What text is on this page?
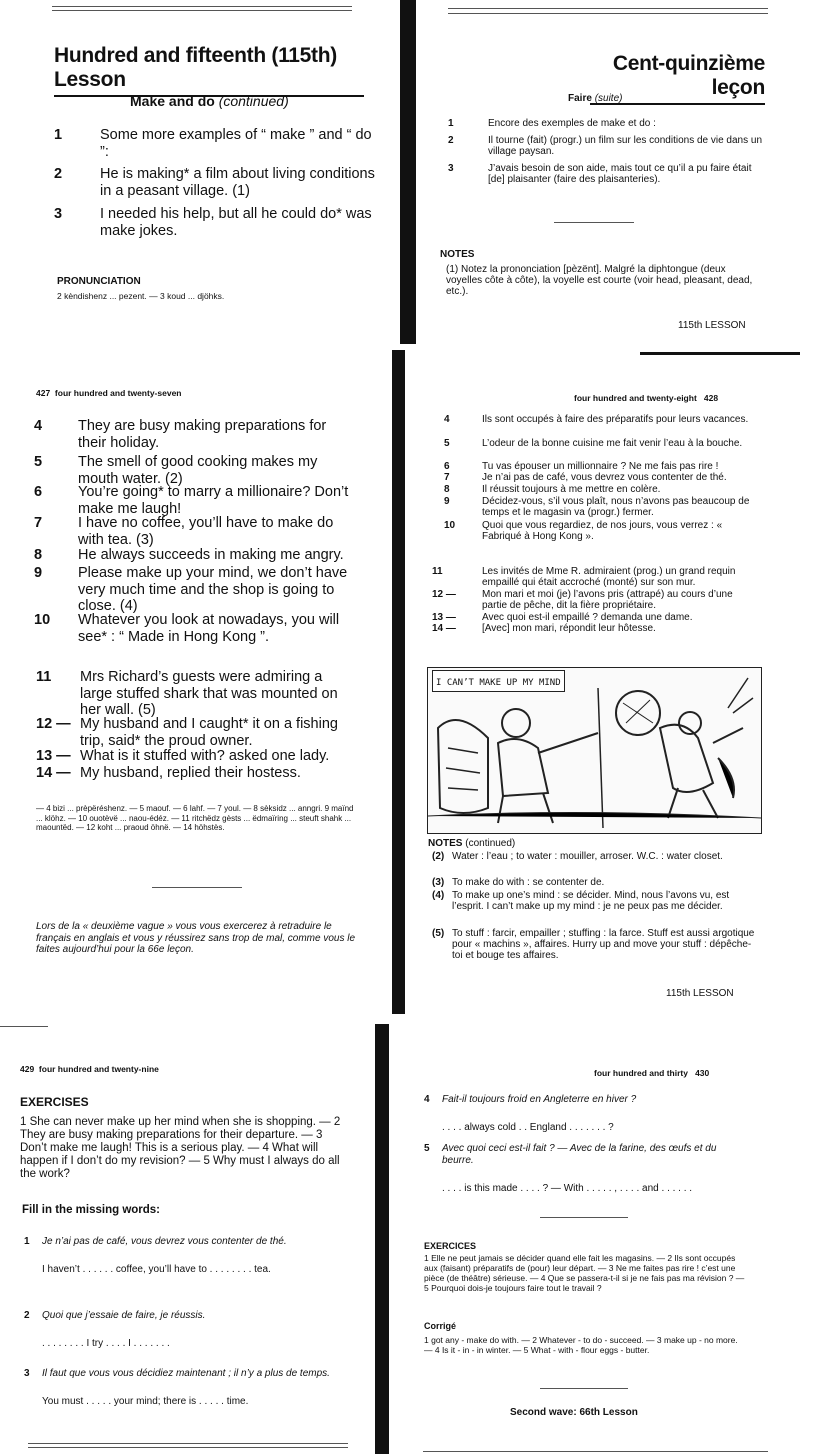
Hundred and fifteenth (115th) Lesson
Make and do (continued)
1	Some more examples of “ make ” and “ do ”:
2	He is making* a film about living conditions in a peasant village. (1)
3	I needed his help, but all he could do* was make jokes.
PRONUNCIATION
2 kèndishenz ... pezent. — 3 koud ... djöhks.
Cent-quinzième leçon
Faire (suite)
1	Encore des exemples de make et do :
2	Il tourne (fait) (progr.) un film sur les conditions de vie dans un village paysan.
3	J’avais besoin de son aide, mais tout ce qu’il a pu faire était [de] plaisanter (faire des plaisanteries).
NOTES
(1) Notez la prononciation [pèzënt]. Malgré la diphtongue (deux voyelles côte à côte), la voyelle est courte (voir head, pleasant, dead, etc.).
115th LESSON
427 four hundred and twenty-seven
4	They are busy making preparations for their holiday.
5	The smell of good cooking makes my mouth water. (2)
6	You’re going* to marry a millionaire? Don’t make me laugh!
7	I have no coffee, you’ll have to make do with tea. (3)
8	He always succeeds in making me angry.
9	Please make up your mind, we don’t have very much time and the shop is going to close. (4)
10	Whatever you look at nowadays, you will see* : “ Made in Hong Kong ”.
11	Mrs Richard’s guests were admiring a large stuffed shark that was mounted on her wall. (5)
12 — My husband and I caught* it on a fishing trip, said* the proud owner.
13 — What is it stuffed with? asked one lady.
14 — My husband, replied their hostess.
— 4 bizi ... prèpëréshenz. — 5 maouf. — 6 lahf. — 7 youl. — 8 sèksidz ... anngri. 9 maïnd ... klöhz. — 10 ouotèvë ... naou-édéz. — 11 ritchëdz gèsts ... ëdmaïring ... steuft shahk ... maountëd. — 12 koht ... praoud öhnë. — 14 höhstès.
Lors de la « deuxième vague » vous vous exercerez à retraduire le français en anglais et vous y réussirez sans trop de mal, comme vous le faites aujourd’hui pour la 66e leçon.
four hundred and twenty-eight 428
4	Ils sont occupés à faire des préparatifs pour leurs vacances.
5	L’odeur de la bonne cuisine me fait venir l’eau à la bouche.
6	Tu vas épouser un millionnaire ? Ne me fais pas rire !
7	Je n’ai pas de café, vous devrez vous contenter de thé.
8	Il réussit toujours à me mettre en colère.
9	Décidez-vous, s’il vous plaît, nous n’avons pas beaucoup de temps et le magasin va (progr.) fermer.
10	Quoi que vous regardiez, de nos jours, vous verrez : « Fabriqué à Hong Kong ».
11	Les invités de Mme R. admiraient (prog.) un grand requin empaillé qui était accroché (monté) sur son mur.
12 —	Mon mari et moi (je) l’avons pris (attrapé) au cours d’une partie de pêche, dit la fière propriétaire.
13 —	Avec quoi est-il empaillé ? demanda une dame.
14 —	[Avec] mon mari, répondit leur hôtesse.
I CAN’T MAKE UP MY MIND
NOTES (continued)
(2) Water : l’eau ; to water : mouiller, arroser. W.C. : water closet.
(3) To make do with : se contenter de.
(4) To make up one’s mind : se décider. Mind, nous l’avons vu, est l’esprit. I can’t make up my mind : je ne peux pas me décider.
(5) To stuff : farcir, empailler ; stuffing : la farce. Stuff est aussi argotique pour « machins », affaires. Hurry up and move your stuff : dépêche-toi et bouge tes affaires.
115th LESSON
429 four hundred and twenty-nine
EXERCISES
1 She can never make up her mind when she is shopping. — 2 They are busy making preparations for their departure. — 3 Don’t make me laugh! This is a serious play. — 4 What will happen if I don’t do my revision? — 5 Why must I always do all the work?
Fill in the missing words:
1	Je n’ai pas de café, vous devrez vous contenter de thé.
I haven’t . . . . . . coffee, you’ll have to . . . . . . . . tea.
2	Quoi que j’essaie de faire, je réussis.
. . . . . . . . I try . . . . I . . . . . . .
3	Il faut que vous vous décidiez maintenant ; il n’y a plus de temps.
You must . . . . . your mind; there is . . . . . time.
four hundred and thirty 430
4	Fait-il toujours froid en Angleterre en hiver ?
. . . . always cold . . England . . . . . . . ?
5	Avec quoi ceci est-il fait ? — Avec de la farine, des œufs et du beurre.
. . . . is this made . . . . ? — With . . . . . , . . . . and . . . . . .
EXERCICES
1 Elle ne peut jamais se décider quand elle fait les magasins. — 2 Ils sont occupés aux (faisant) préparatifs de (pour) leur départ. — 3 Ne me faites pas rire ! c’est une pièce (de théâtre) sérieuse. — 4 Que se passera-t-il si je ne fais pas ma révision ? — 5 Pourquoi dois-je toujours faire tout le travail ?
Corrigé
1 got any - make do with. — 2 Whatever - to do - succeed. — 3 make up - no more. — 4 Is it - in - in winter. — 5 What - with - flour eggs - butter.
Second wave: 66th Lesson
